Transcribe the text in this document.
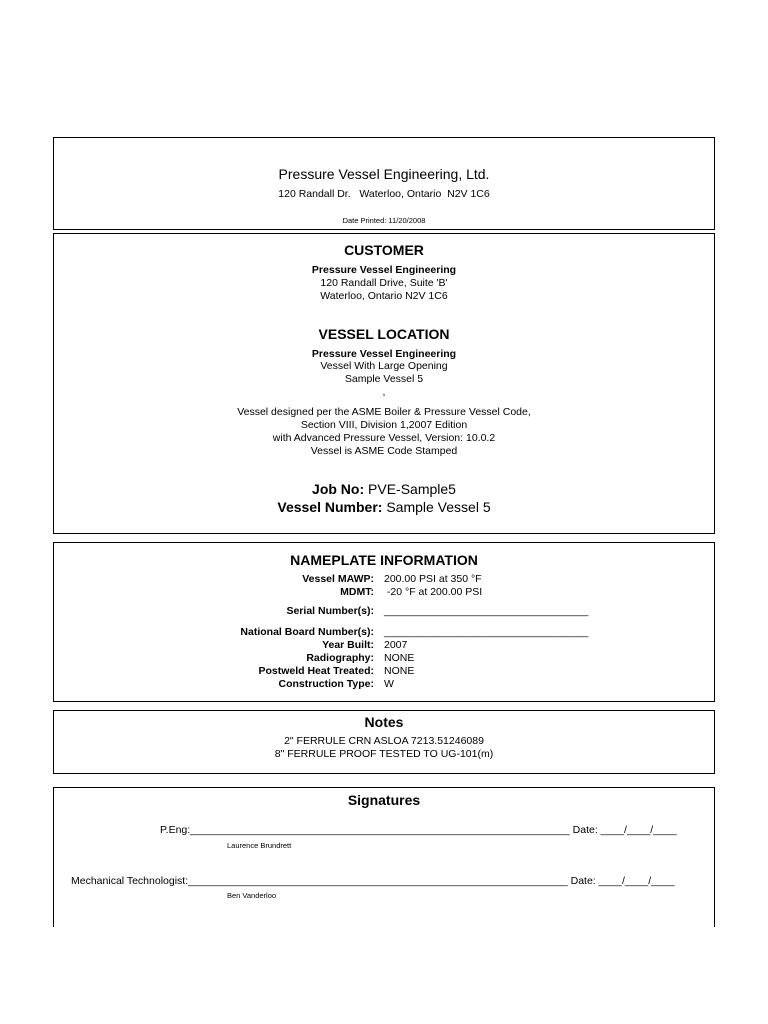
Pressure Vessel Engineering, Ltd.
120 Randall Dr.   Waterloo, Ontario  N2V 1C6
Date Printed: 11/20/2008
CUSTOMER
Pressure Vessel Engineering
120 Randall Drive, Suite 'B'
Waterloo, Ontario N2V 1C6
VESSEL LOCATION
Pressure Vessel Engineering
Vessel With Large Opening
Sample Vessel 5
,
Vessel designed per the ASME Boiler & Pressure Vessel Code,
Section VIII, Division 1,2007 Edition
with Advanced Pressure Vessel, Version: 10.0.2
Vessel is ASME Code Stamped
Job No: PVE-Sample5
Vessel Number: Sample Vessel 5
NAMEPLATE INFORMATION
Vessel MAWP: 200.00 PSI at 350 °F
MDMT: -20 °F at 200.00 PSI
Serial Number(s): ___________________________________
National Board Number(s): ___________________________________
Year Built: 2007
Radiography: NONE
Postweld Heat Treated: NONE
Construction Type: W
Notes
2" FERRULE CRN ASLOA 7213.51246089
8" FERRULE PROOF TESTED TO UG-101(m)
Signatures
P.Eng:_________________________________________________________________ Date: ____/____/____
Laurence Brundrett
Mechanical Technologist:_________________________________________________________________ Date: ____/____/____
Ben Vanderloo
